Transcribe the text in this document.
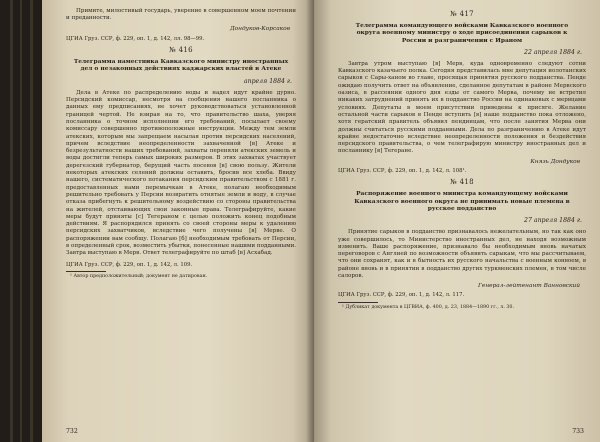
Примите, милостивый государь, уверение в совершенном моем почтении и преданности.

Дондуков-Корсаков

ЦГИА Груз. ССР, ф. 229, оп. 1, д. 142, лл. 98—99.

№ 416
Телеграмма наместника Кавказского министру иностранных дел о незаконных действиях каджарских властей в Атеке
апреля 1884 г.

Дела в Атеке по распределению воды и надел идут крайне дурно. Персидский комиссар, несмотря на сообщения нашего посланника о данных ему предписаниях, не хочет руководствоваться установленной границей чертой. Не взирая на то, что правительство шаха, уверяя посланника о точном исполнении его требований, посылает своему комиссару совершенно противоположные инструкции. Между тем земли атекских, которым мы запрещаем насылая против персидских населений, причем вследствие неопределенности захваченной [в] Атеке и безрезультатности наших требований, захваты переняли атекских земель и воды достигли теперь самых широких размеров. В этих захватах участвует дерегезский губернатор, берущий часть посевов [в] свою пользу. Жители некоторых атекских селений должны оставить, бросив все хлеба. Ввиду нашего, систематического потакания персидским правительством с 1881 г. предоставленных нами перемычкам в Атеке, полагаю необходимым решительно требовать у Персии возвратить отнятые земли и воду, в случае отказа прибегнуть к решительному воздействию со стороны правительства на жителей, отстаивающих свои законные права. Телеграфируйте, какие меры будут приняты [с] Тегераном с целью положить конец подобным действиям. Я распорядился принять со своей стороны меры к удалению персидских захватчиков, вследствие чего получены [в] Мерве. О распоряжении вам сообщу. Полагаю [б] необходимым требовать от Персии, в определенный срок, возместить убытки, понесенные нашими подданными. Завтра выступаю в Мерв. Ответ телеграфируйте по штаб [в] Асхабад.

ЦГИА Груз. ССР, ф. 229, оп. 1, д. 142, л. 109.

¹ Автор предположительный; документ не датирован.

732
№ 417
Телеграмма командующего войсками Кавказского военного округа военному министру о ходе присоединения сарыков к России и разграничении с Ираном
22 апреля 1884 г.

Завтра утром выступаю [в] Мерв, куда одновременно следуют сотни Кавказского казачьего полка. Сегодня представилась мне депутация иолотанских сарыков с Сары-ханом во главе, просящая принятия русского подданства. Пенде ожидаю получить ответ на объявление, сделанное депутатам в районе Мервского оазиса, в рассеянии одного дня езды от самого Мерва, почему не встретил никаких затруднений принять их в подданство России на одинаковых с мервцами условиях. Депутаты в моем присутствии приведены к присяге. Желание остальной части сарыков в Пенде вступить [в] наше подданство пока отложено, хотя гератский правитель объявил пендинцам, что после занятия Мерва они должны считаться русскими подданными. Дела по разграничению в Атеке идут крайне недостаточно вследствие неопределенности положения и бездействия персидского правительства, о чем телеграфирую министру иностранных дел и посланнику [в] Тегеране.

Князь Дондуков

ЦГИА Груз. ССР, ф. 229, оп. 1, д. 142, л. 108¹.

№ 418
Распоряжение военного министра командующему войсками Кавказского военного округа не принимать новые племена в русское подданство
27 апреля 1884 г.

Принятие сарыков в подданство признавалось нежелательным, но так как оно уже совершилось, то Министерство иностранных дел, не находя возможным изменить. Ваше распоряжение, признавало бы необходимым вновь начатых переговоров с Англией по возможности объявить сарыкам, что мы рассчитываем, что они сохранят, как и в бытность их русского начальства с военным конвоем, в районе вновь и в принятии в подданство других туркменских племен, в том числе салоров.

Генерал-лейтенант Ванновский

ЦГИА Груз. ССР, ф. 229, оп. 1, д. 142, л. 117.

¹ Дубликат документа в ЦГВИА, ф. 400, д. 23, 1884—1890 гг., л. 30.

733
